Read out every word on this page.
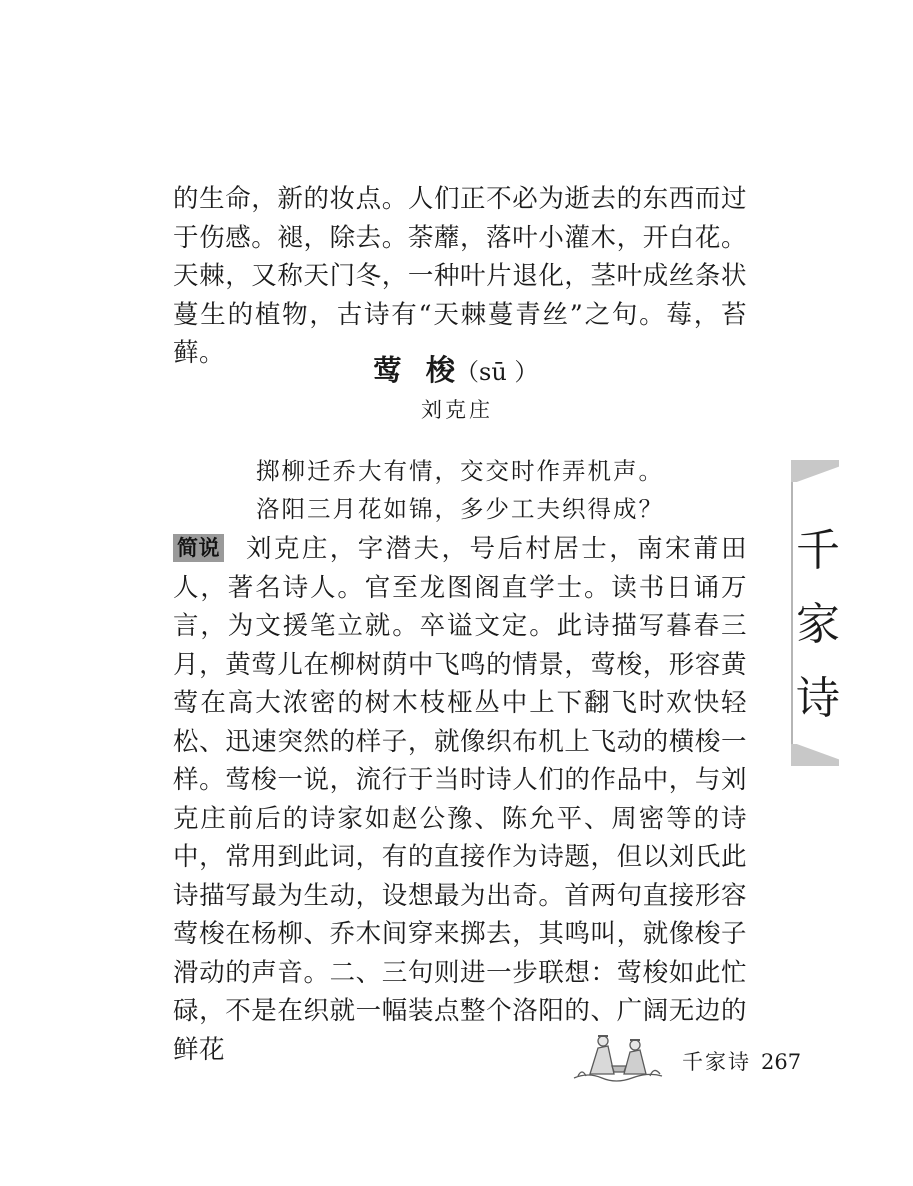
的生命，新的妆点。人们正不必为逝去的东西而过于伤感。褪，除去。荼蘼，落叶小灌木，开白花。天棘，又称天门冬，一种叶片退化，茎叶成丝条状蔓生的植物，古诗有“天棘蔓青丝”之句。莓，苔藓。	莺 梭（sū ）
刘克庄
掷柳迁乔大有情，交交时作弄机声。
洛阳三月花如锦，多少工夫织得成？

简说 刘克庄，字潜夫，号后村居士，南宋莆田人，著名诗人。官至龙图阁直学士。读书日诵万言，为文援笔立就。卒谥文定。此诗描写暮春三月，黄莺儿在柳树荫中飞鸣的情景，莺梭，形容黄莺在高大浓密的树木枝桠丛中上下翻飞时欢快轻松、迅速突然的样子，就像织布机上飞动的横梭一样。莺梭一说，流行于当时诗人们的作品中，与刘克庄前后的诗家如赵公豫、陈允平、周密等的诗中，常用到此词，有的直接作为诗题，但以刘氏此诗描写最为生动，设想最为出奇。首两句直接形容莺梭在杨柳、乔木间穿来掷去，其鸣叫，就像梭子滑动的声音。二、三句则进一步联想：莺梭如此忙碌，不是在织就一幅装点整个洛阳的、广阔无边的鲜花

千
家
诗
千家诗 267
